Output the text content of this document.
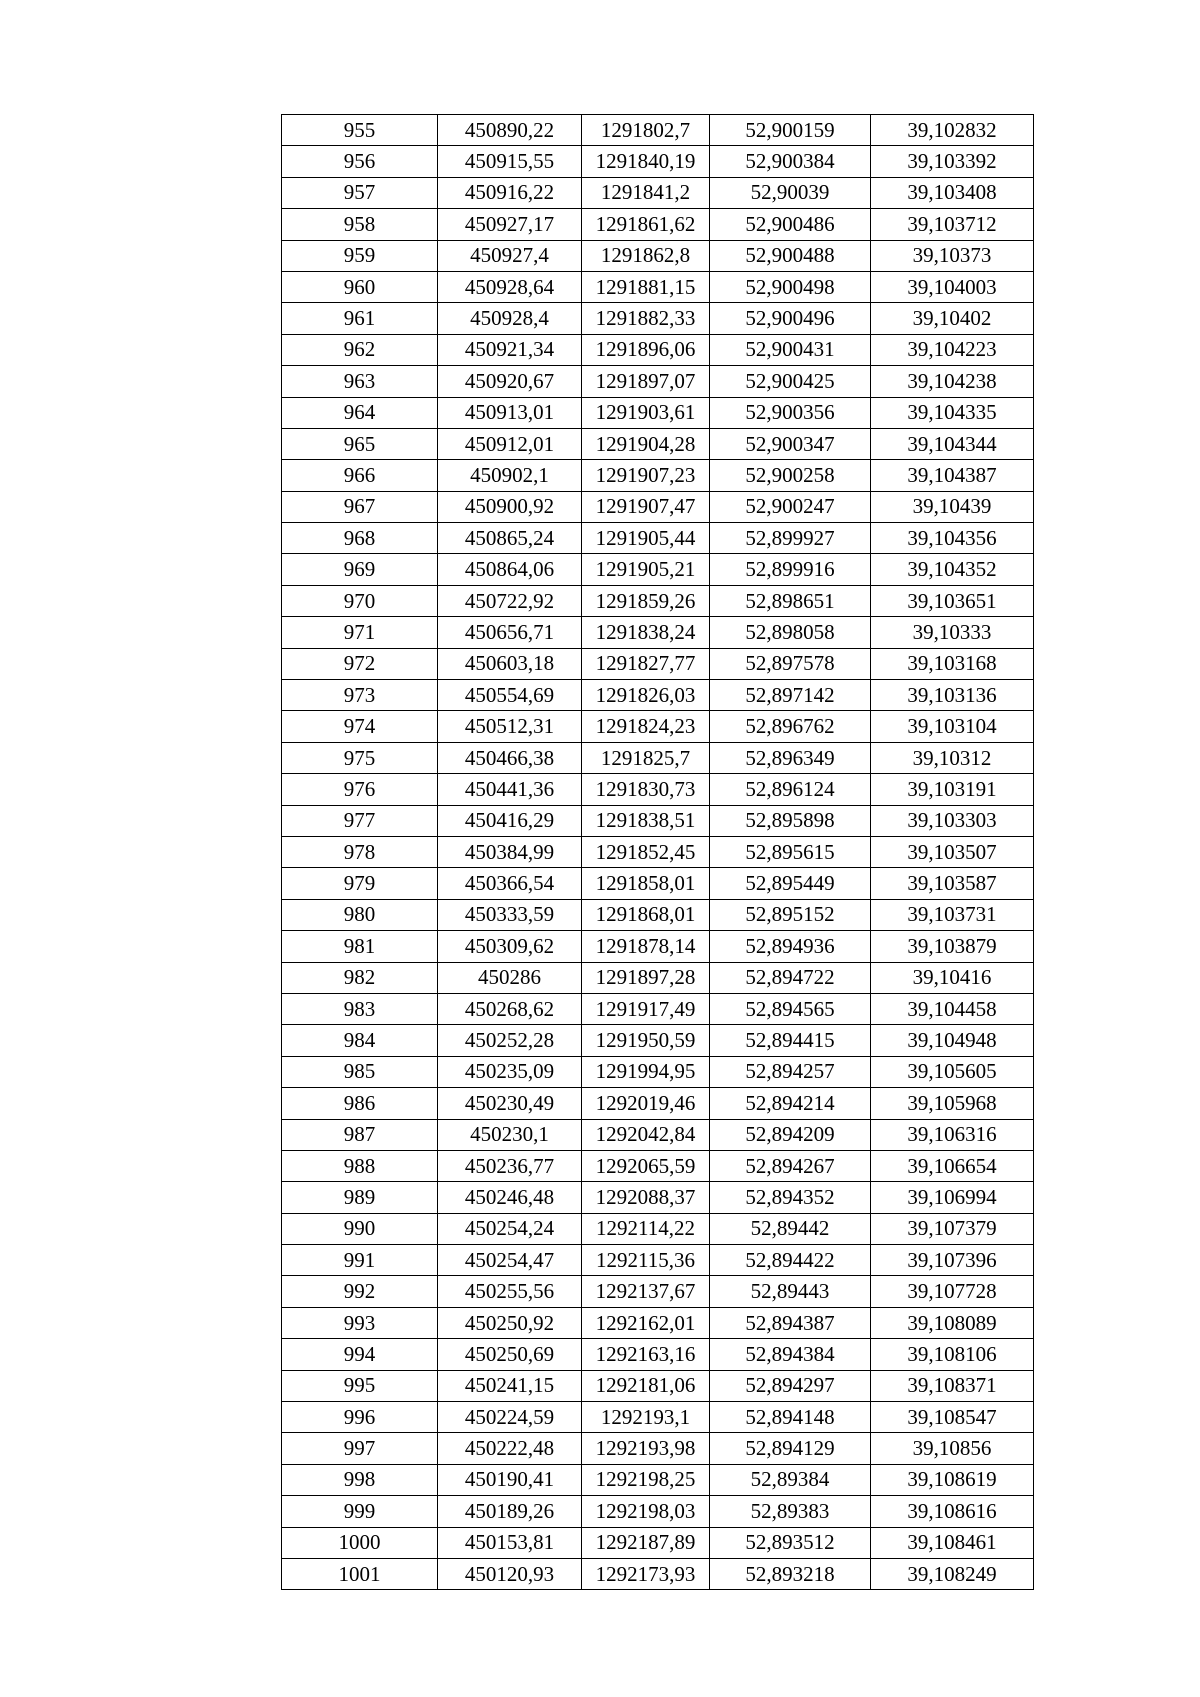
955	450890,22	1291802,7	52,900159	39,102832
956	450915,55	1291840,19	52,900384	39,103392
957	450916,22	1291841,2	52,90039	39,103408
958	450927,17	1291861,62	52,900486	39,103712
959	450927,4	1291862,8	52,900488	39,10373
960	450928,64	1291881,15	52,900498	39,104003
961	450928,4	1291882,33	52,900496	39,10402
962	450921,34	1291896,06	52,900431	39,104223
963	450920,67	1291897,07	52,900425	39,104238
964	450913,01	1291903,61	52,900356	39,104335
965	450912,01	1291904,28	52,900347	39,104344
966	450902,1	1291907,23	52,900258	39,104387
967	450900,92	1291907,47	52,900247	39,10439
968	450865,24	1291905,44	52,899927	39,104356
969	450864,06	1291905,21	52,899916	39,104352
970	450722,92	1291859,26	52,898651	39,103651
971	450656,71	1291838,24	52,898058	39,10333
972	450603,18	1291827,77	52,897578	39,103168
973	450554,69	1291826,03	52,897142	39,103136
974	450512,31	1291824,23	52,896762	39,103104
975	450466,38	1291825,7	52,896349	39,10312
976	450441,36	1291830,73	52,896124	39,103191
977	450416,29	1291838,51	52,895898	39,103303
978	450384,99	1291852,45	52,895615	39,103507
979	450366,54	1291858,01	52,895449	39,103587
980	450333,59	1291868,01	52,895152	39,103731
981	450309,62	1291878,14	52,894936	39,103879
982	450286	1291897,28	52,894722	39,10416
983	450268,62	1291917,49	52,894565	39,104458
984	450252,28	1291950,59	52,894415	39,104948
985	450235,09	1291994,95	52,894257	39,105605
986	450230,49	1292019,46	52,894214	39,105968
987	450230,1	1292042,84	52,894209	39,106316
988	450236,77	1292065,59	52,894267	39,106654
989	450246,48	1292088,37	52,894352	39,106994
990	450254,24	1292114,22	52,89442	39,107379
991	450254,47	1292115,36	52,894422	39,107396
992	450255,56	1292137,67	52,89443	39,107728
993	450250,92	1292162,01	52,894387	39,108089
994	450250,69	1292163,16	52,894384	39,108106
995	450241,15	1292181,06	52,894297	39,108371
996	450224,59	1292193,1	52,894148	39,108547
997	450222,48	1292193,98	52,894129	39,10856
998	450190,41	1292198,25	52,89384	39,108619
999	450189,26	1292198,03	52,89383	39,108616
1000	450153,81	1292187,89	52,893512	39,108461
1001	450120,93	1292173,93	52,893218	39,108249
